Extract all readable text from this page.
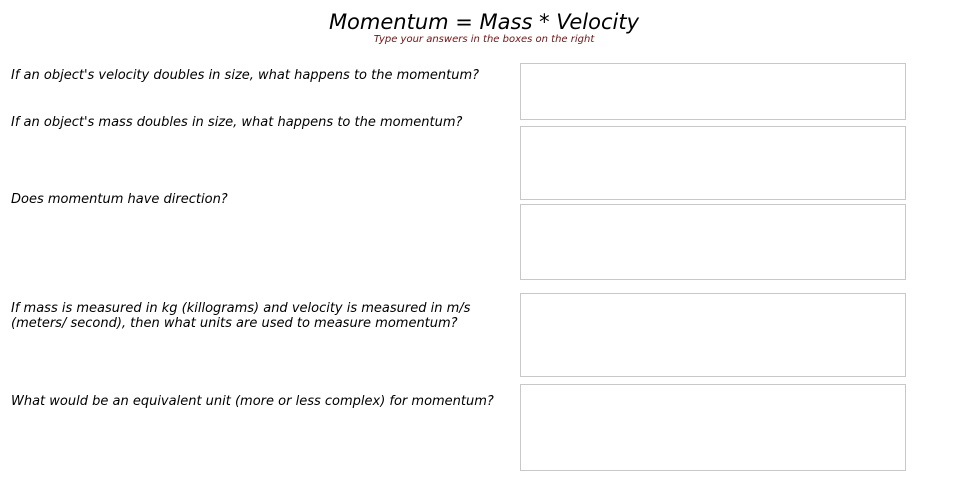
Momentum = Mass * Velocity
Type your answers in the boxes on the right
If an object's velocity doubles in size, what happens to the momentum?
If an object's mass doubles in size, what happens to the momentum?
Does momentum have direction?
If mass is measured in kg (killograms) and velocity is measured in m/s
(meters/ second), then what units are used to measure momentum?
What would be an equivalent unit (more or less complex) for momentum?
